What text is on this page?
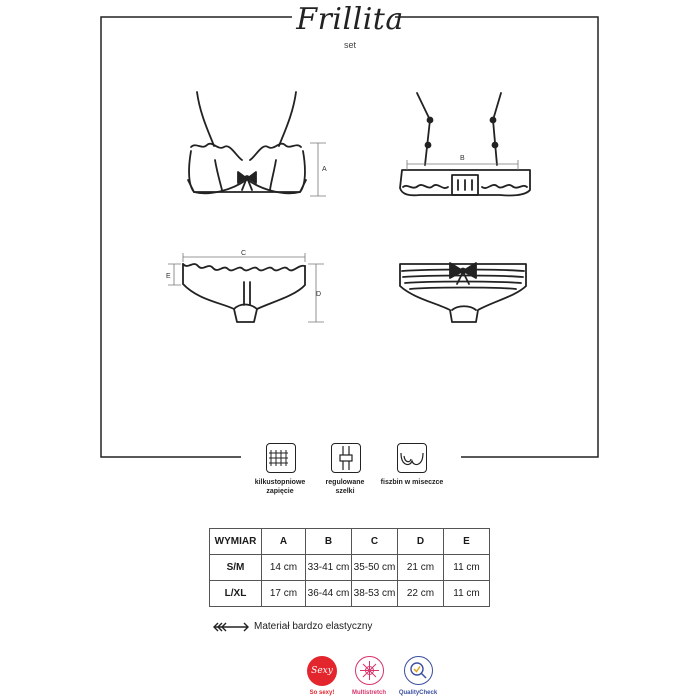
Frillita
set
A
B
C
D
E
kilkustopniowe
zapięcie
regulowane
szelki
fiszbin w miseczce
WYMIAR	A	B	C	D	E
S/M	14 cm	33-41 cm	35-50 cm	21 cm	11 cm
L/XL	17 cm	36-44 cm	38-53 cm	22 cm	11 cm
Materiał bardzo elastyczny
Sexy
So sexy!	Multistretch	QualityCheck
